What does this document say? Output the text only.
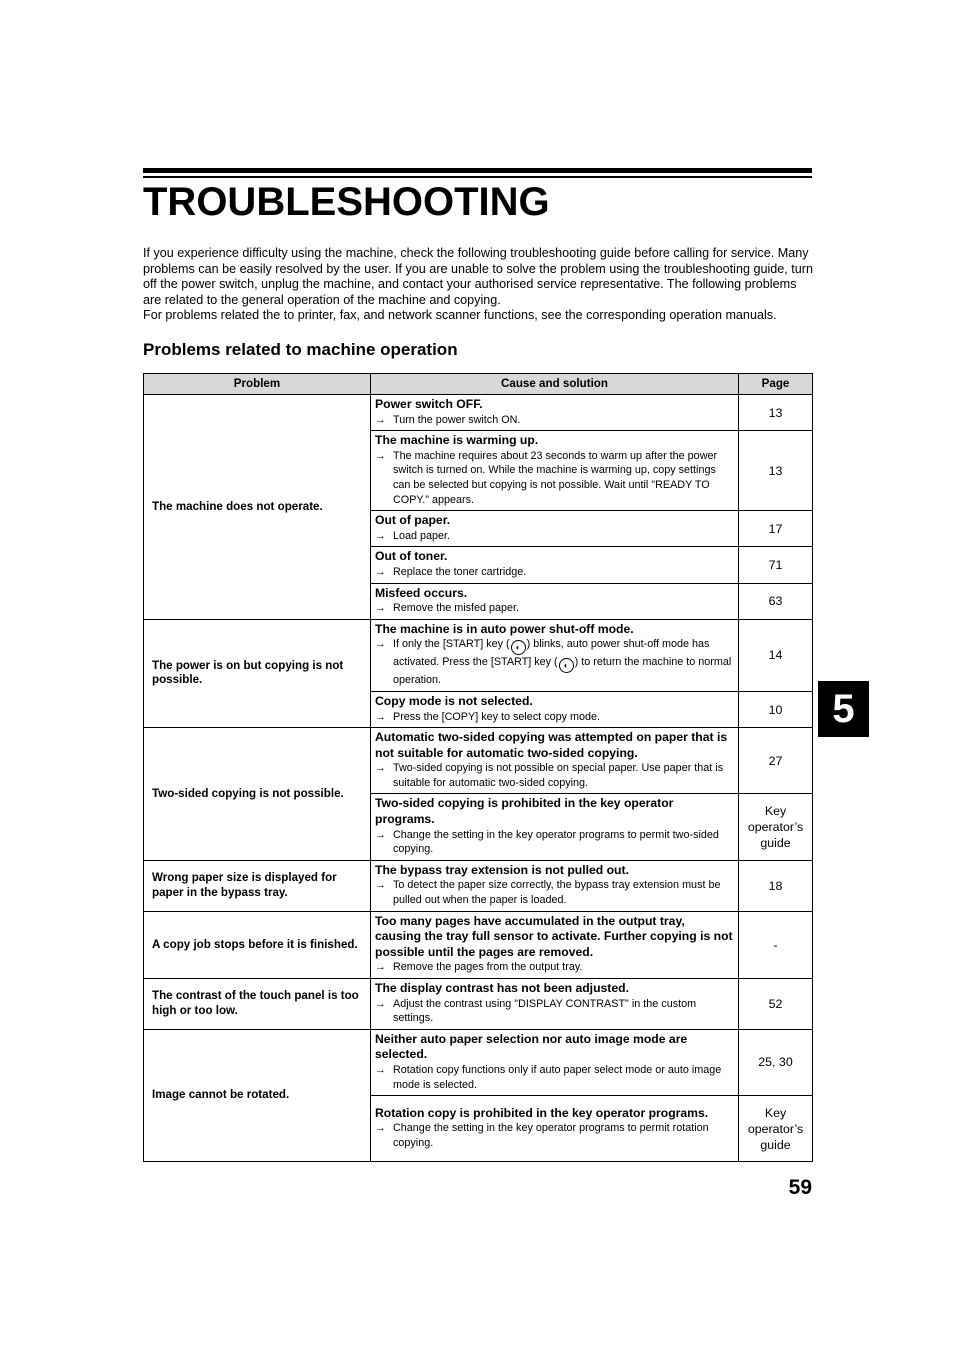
TROUBLESHOOTING

If you experience difficulty using the machine, check the following troubleshooting guide before calling for service. Many problems can be easily resolved by the user. If you are unable to solve the problem using the troubleshooting guide, turn off the power switch, unplug the machine, and contact your authorised service representative. The following problems are related to the general operation of the machine and copying.

For problems related the to printer, fax, and network scanner functions, see the corresponding operation manuals.

Problems related to machine operation
Problem	Cause and solution	Page
The machine does not operate.	Power switch OFF.
→ Turn the power switch ON.	13

	The machine is warming up.
→ The machine requires about 23 seconds to warm up after the power switch is turned on. While the machine is warming up, copy settings can be selected but copying is not possible. Wait until "READY TO COPY." appears.	13

	Out of paper.
→ Load paper.	17

	Out of toner.
→ Replace the toner cartridge.	71

	Misfeed occurs.
→ Remove the misfed paper.	63
The power is on but copying is not possible.	The machine is in auto power shut-off mode.
→ If only the [START] key ( ◐ ) blinks, auto power shut-off mode has activated. Press the [START] key ( ◐ ) to return the machine to normal operation.	14

	Copy mode is not selected.
→ Press the [COPY] key to select copy mode.	10
Two-sided copying is not possible.	Automatic two-sided copying was attempted on paper that is not suitable for automatic two-sided copying.
→ Two-sided copying is not possible on special paper. Use paper that is suitable for automatic two-sided copying.	27

	Two-sided copying is prohibited in the key operator programs.
→ Change the setting in the key operator programs to permit two-sided copying.	Key operator’s guide
Wrong paper size is displayed for paper in the bypass tray.	The bypass tray extension is not pulled out.
→ To detect the paper size correctly, the bypass tray extension must be pulled out when the paper is loaded.	18
A copy job stops before it is finished.	Too many pages have accumulated in the output tray, causing the tray full sensor to activate. Further copying is not possible until the pages are removed.
→ Remove the pages from the output tray.	-
The contrast of the touch panel is too high or too low.	The display contrast has not been adjusted.
→ Adjust the contrast using "DISPLAY CONTRAST" in the custom settings.	52
Image cannot be rotated.	Neither auto paper selection nor auto image mode are selected.
→ Rotation copy functions only if auto paper select mode or auto image mode is selected.	25, 30

	Rotation copy is prohibited in the key operator programs.
→ Change the setting in the key operator programs to permit rotation copying.	Key operator’s guide
5
59
